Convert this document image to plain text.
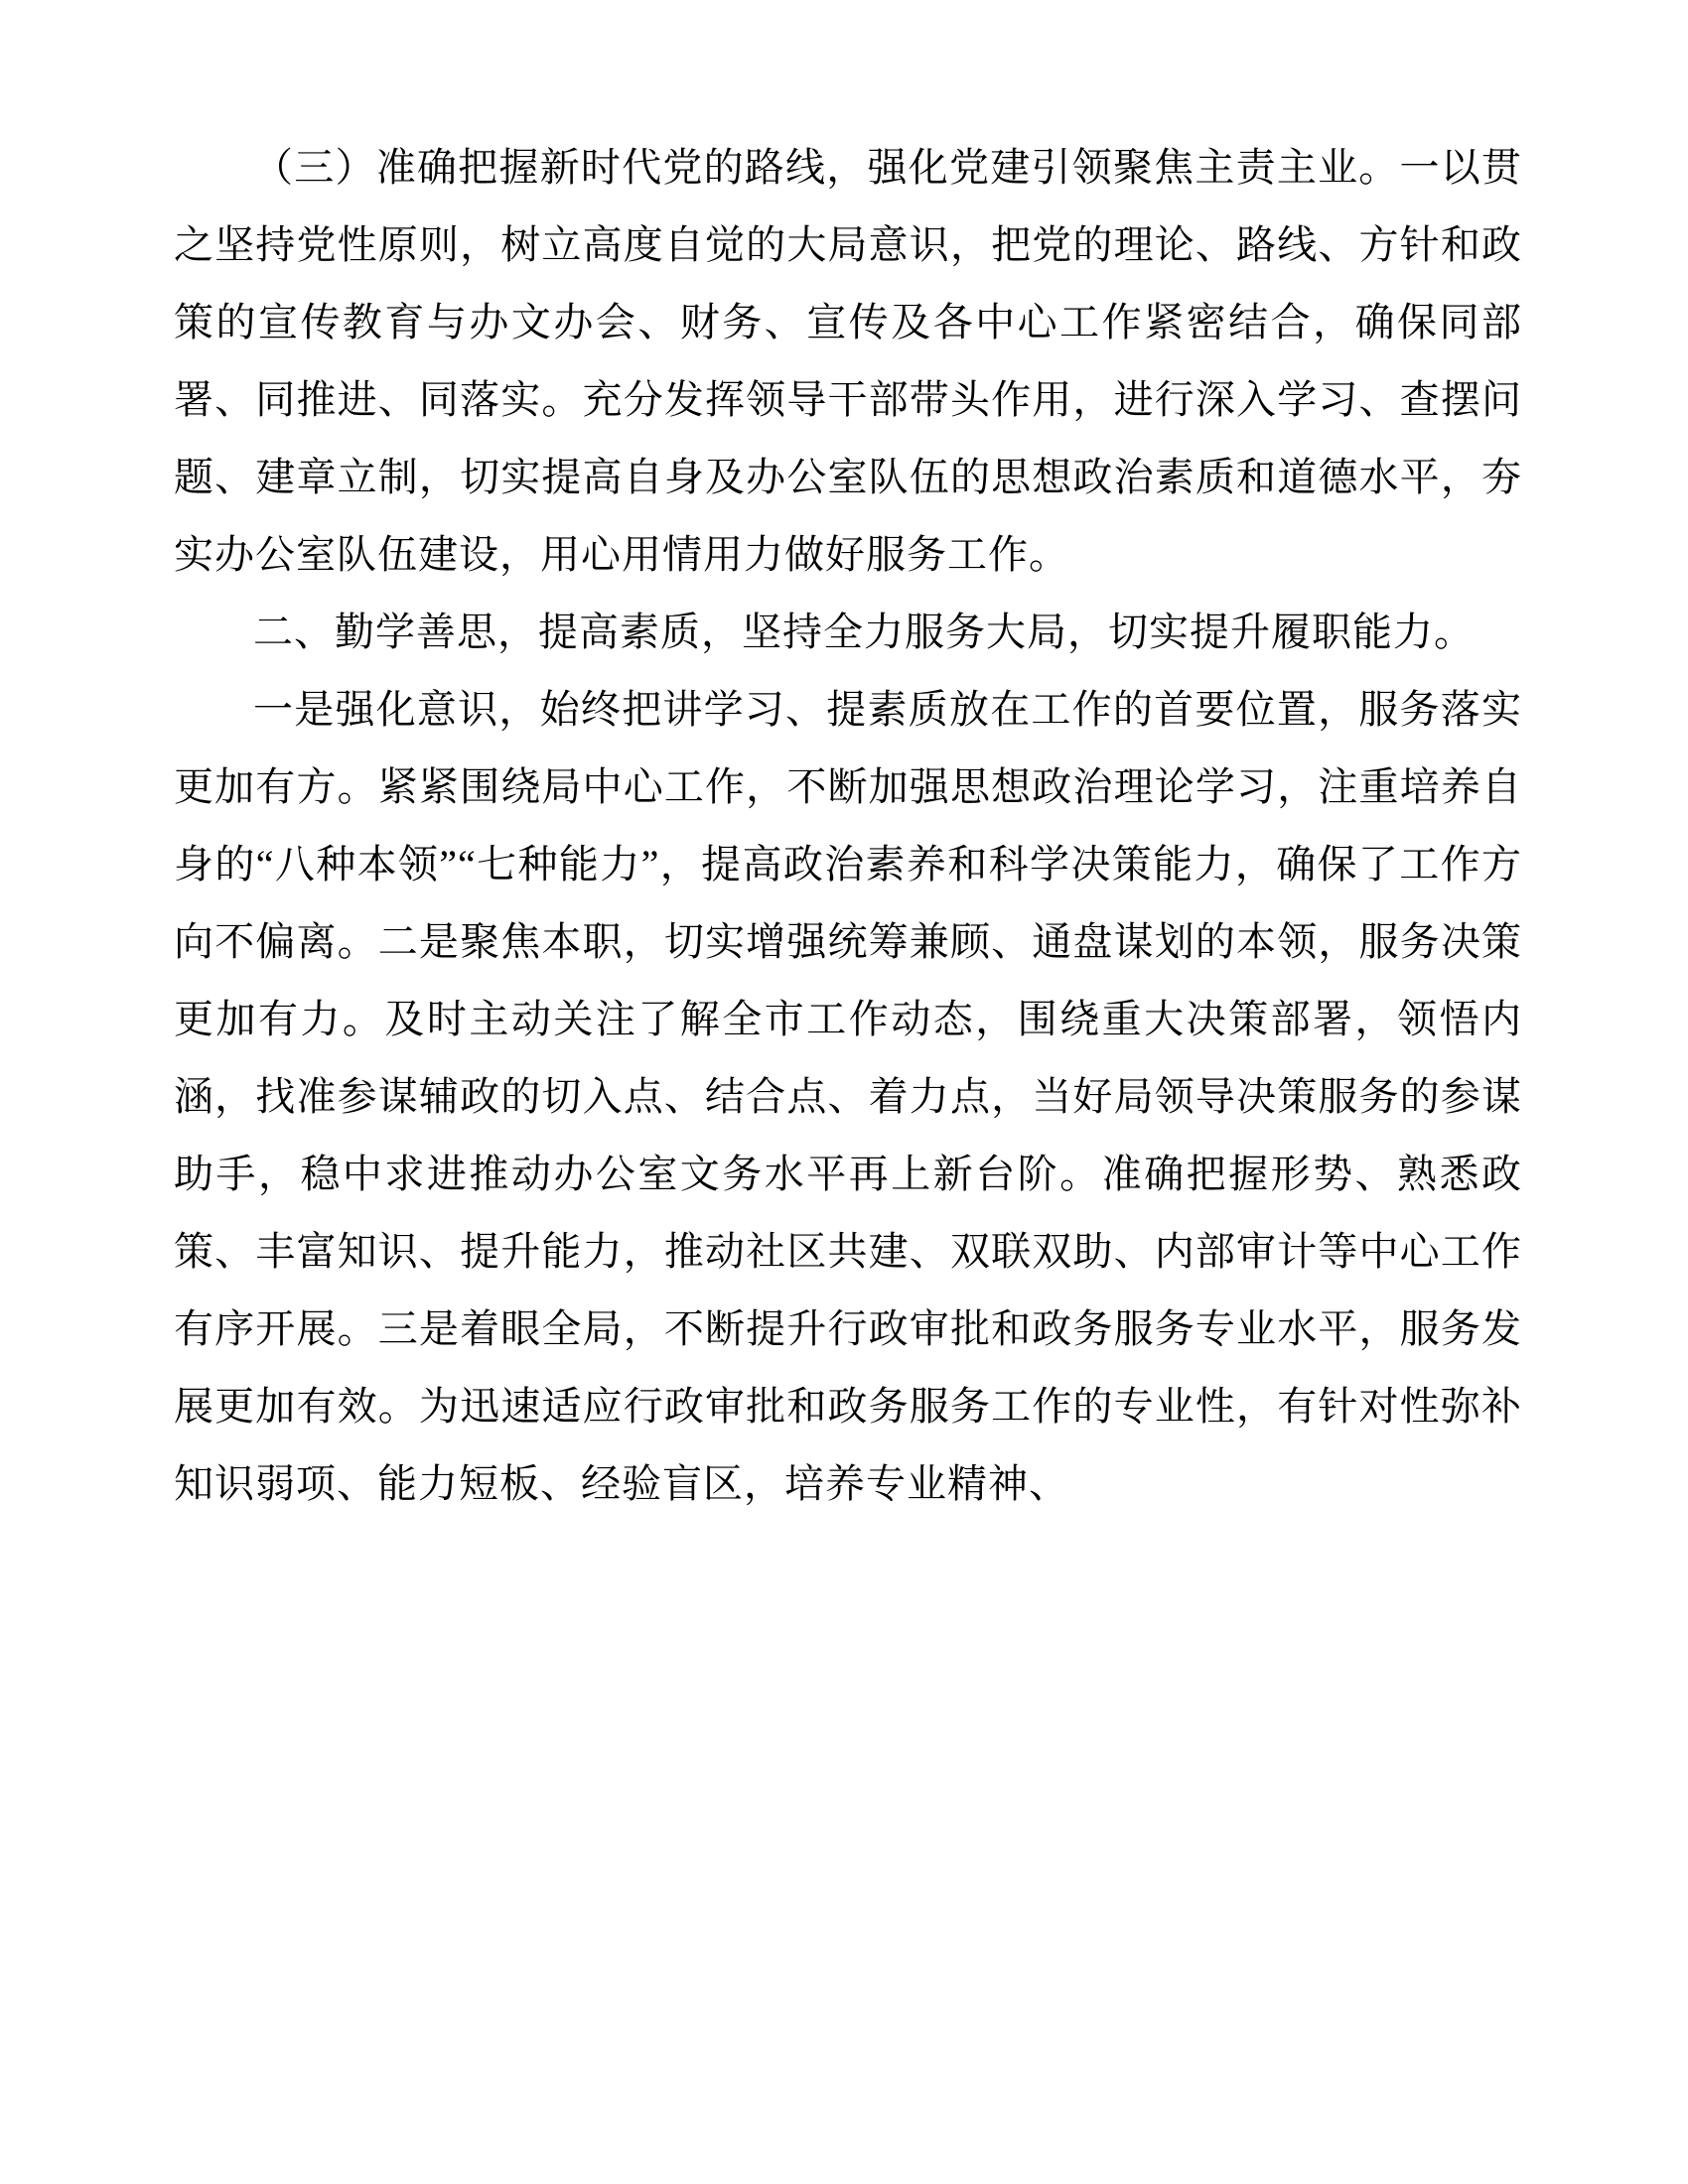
（三）准确把握新时代党的路线，强化党建引领聚焦主责主业。一以贯之坚持党性原则，树立高度自觉的大局意识，把党的理论、路线、方针和政策的宣传教育与办文办会、财务、宣传及各中心工作紧密结合，确保同部署、同推进、同落实。充分发挥领导干部带头作用，进行深入学习、查摆问题、建章立制，切实提高自身及办公室队伍的思想政治素质和道德水平，夯实办公室队伍建设，用心用情用力做好服务工作。

二、勤学善思，提高素质，坚持全力服务大局，切实提升履职能力。

一是强化意识，始终把讲学习、提素质放在工作的首要位置，服务落实更加有方。紧紧围绕局中心工作，不断加强思想政治理论学习，注重培养自身的“八种本领”“七种能力”，提高政治素养和科学决策能力，确保了工作方向不偏离。二是聚焦本职，切实增强统筹兼顾、通盘谋划的本领，服务决策更加有力。及时主动关注了解全市工作动态，围绕重大决策部署，领悟内涵，找准参谋辅政的切入点、结合点、着力点，当好局领导决策服务的参谋助手，稳中求进推动办公室文务水平再上新台阶。准确把握形势、熟悉政策、丰富知识、提升能力，推动社区共建、双联双助、内部审计等中心工作有序开展。三是着眼全局，不断提升行政审批和政务服务专业水平，服务发展更加有效。为迅速适应行政审批和政务服务工作的专业性，有针对性弥补知识弱项、能力短板、经验盲区，培养专业精神、
